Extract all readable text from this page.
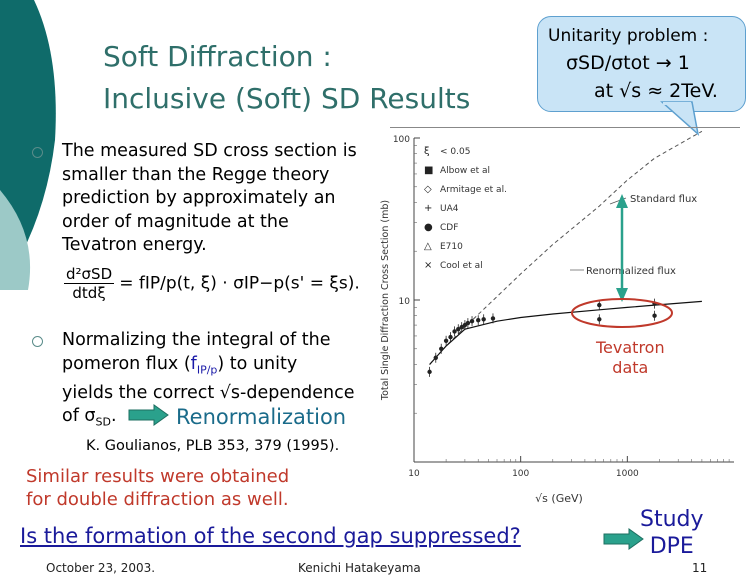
Soft Diffraction :
Inclusive (Soft) SD Results
Unitarity problem :
σSD/σtot → 1
at √s ≈ 2TeV.
The measured SD cross section is
smaller than the Regge theory
prediction by approximately an
order of magnitude at the
Tevatron energy.
d²σSD
dtdξ = fIP/p(t, ξ) · σIP−p(s' = ξs).
Normalizing the integral of the
pomeron flux $(f_{IP/p})$ to unity
yields the correct √s-dependence
of $\sigma_{SD}$.	Renormalization
K. Goulianos, PLB 353, 379 (1995).
Similar results were obtained
for double diffraction as well.
Is the formation of the second gap suppressed?
Study
DPE
October 23, 2003.	Kenichi Hatakeyama	11
100
10
10	100	1000
√s (GeV)
Total Single Diffraction Cross Section (mb)
ξ < 0.05
■ Albow et al
◇ Armitage et al.
+ UA4
● CDF
△ E710
× Cool et al
Standard flux
Renormalized flux
Tevatron
data
